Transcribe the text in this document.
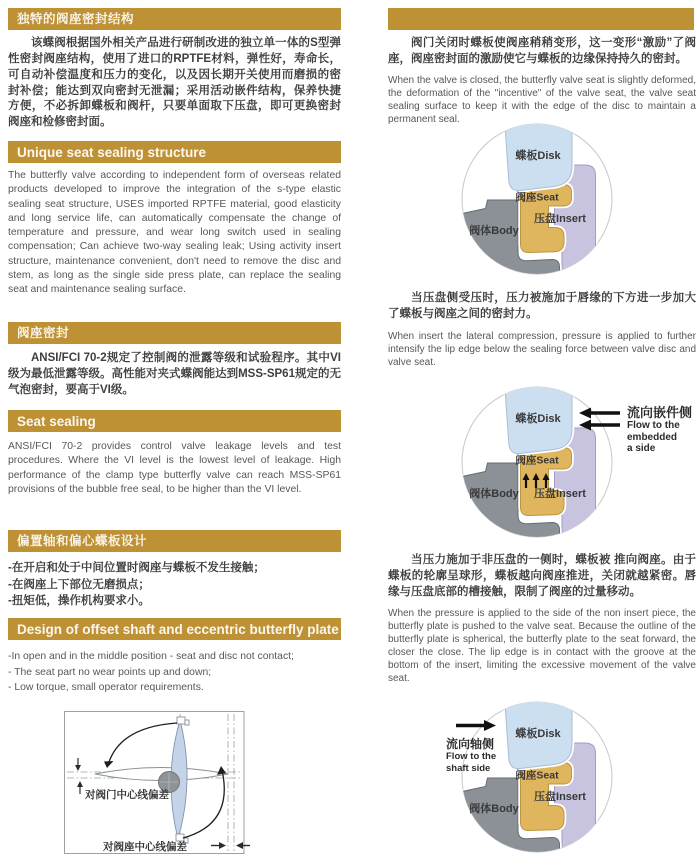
独特的阀座密封结构

该蝶阀根据国外相关产品进行研制改进的独立单一体的S型弹性密封阀座结构，使用了进口的RPTFE材料，弹性好，寿命长，可自动补偿温度和压力的变化，以及因长期开关使用而磨损的密封补偿；能达到双向密封无泄漏；采用活动嵌件结构，保养快捷方便，不必拆卸蝶板和阀杆，只要单面取下压盘，即可更换密封阀座和检修密封面。

Unique seat sealing structure

The butterfly valve according to independent form of overseas related products developed to improve the integration of the s-type elastic sealing seat structure, USES imported RPTFE material, good elasticity and long service life, can automatically compensate the change of temperature and pressure, and wear long switch used in sealing compensation; Can achieve two-way sealing leak; Using activity insert structure, maintenance convenient, don't need to remove the disc and stem, as long as the single side press plate, can replace the sealing seat and maintenance sealing surface.

阀座密封

ANSI/FCI 70-2规定了控制阀的泄露等级和试验程序。其中VI级为最低泄露等级。高性能对夹式蝶阀能达到MSS-SP61规定的无气泡密封，要高于VI级。

Seat sealing

ANSI/FCI 70-2 provides control valve leakage levels and test procedures. Where the VI level is the lowest level of leakage. High performance of the clamp type butterfly valve can reach MSS-SP61 provisions of the bubble free seal, to be higher than the VI level.

偏置轴和偏心蝶板设计
-在开启和处于中间位置时阀座与蝶板不发生接触；
-在阀座上下部位无磨损点；
-扭矩低，操作机构要求小。
Design of offset shaft and eccentric butterfly plate
-In open and in the middle position - seat and disc not contact;
- The seat part no wear points up and down;
- Low torque, small operator requirements.
对阀门中心线偏差
对阀座中心线偏差

阀门关闭时蝶板使阀座稍稍变形，这一变形“激励”了阀座，阀座密封面的激励使它与蝶板的边缘保持持久的密封。

When the valve is closed, the butterfly valve seat is slightly deformed, the deformation of the "incentive" of the valve seat, the valve seat sealing surface to keep it with the edge of the disc to maintain a permanent seal.

蝶板Disk
阀座Seat
压盘Insert
阀体Body

当压盘侧受压时，压力被施加于唇缘的下方进一步加大了蝶板与阀座之间的密封力。

When insert the lateral compression, pressure is applied to further intensify the lip edge below the sealing force between valve disc and valve seat.

蝶板Disk
阀座Seat
压盘Insert
阀体Body
流向嵌件侧
Flow to the
embedded
a side

当压力施加于非压盘的一侧时，蝶板被 推向阀座。由于蝶板的轮廓呈球形，蝶板越向阀座推进，关闭就越紧密。唇缘与压盘底部的槽接触，限制了阀座的过量移动。

When the pressure is applied to the side of the non insert piece, the butterfly plate is pushed to the valve seat. Because the outline of the butterfly plate is spherical, the butterfly plate to the seat forward, the closer the close. The lip edge is in contact with the groove at the bottom of the insert, limiting the excessive movement of the valve seat.

蝶板Disk
阀座Seat
压盘Insert
阀体Body
流向轴侧
Flow to the
shaft side
